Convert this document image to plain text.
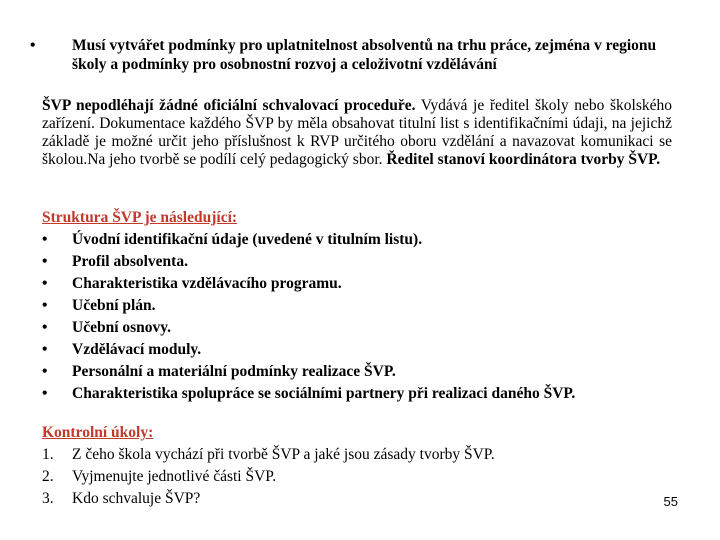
•	Musí vytvářet podmínky pro uplatnitelnost absolventů na trhu práce, zejména v regionu školy a podmínky pro osobnostní rozvoj a celoživotní vzdělávání
ŠVP nepodléhají žádné oficiální schvalovací proceduře. Vydává je ředitel školy nebo školského zařízení. Dokumentace každého ŠVP by měla obsahovat titulní list s identifikačními údaji, na jejichž základě je možné určit jeho příslušnost k RVP určitého oboru vzdělání a navazovat komunikaci se školou.Na jeho tvorbě se podílí celý pedagogický sbor. Ředitel stanoví koordinátora tvorby ŠVP.
Struktura ŠVP je následující:
•	Úvodní identifikační údaje (uvedené v titulním listu).
•	Profil absolventa.
•	Charakteristika vzdělávacího programu.
•	Učební plán.
•	Učební osnovy.
•	Vzdělávací moduly.
•	Personální a materiální podmínky realizace ŠVP.
•	Charakteristika spolupráce se sociálními partnery při realizaci daného ŠVP.
Kontrolní úkoly:
1.	Z čeho škola vychází při tvorbě ŠVP a jaké jsou zásady tvorby ŠVP.
2.	Vyjmenujte jednotlivé části ŠVP.
3.	Kdo schvaluje ŠVP?	55
